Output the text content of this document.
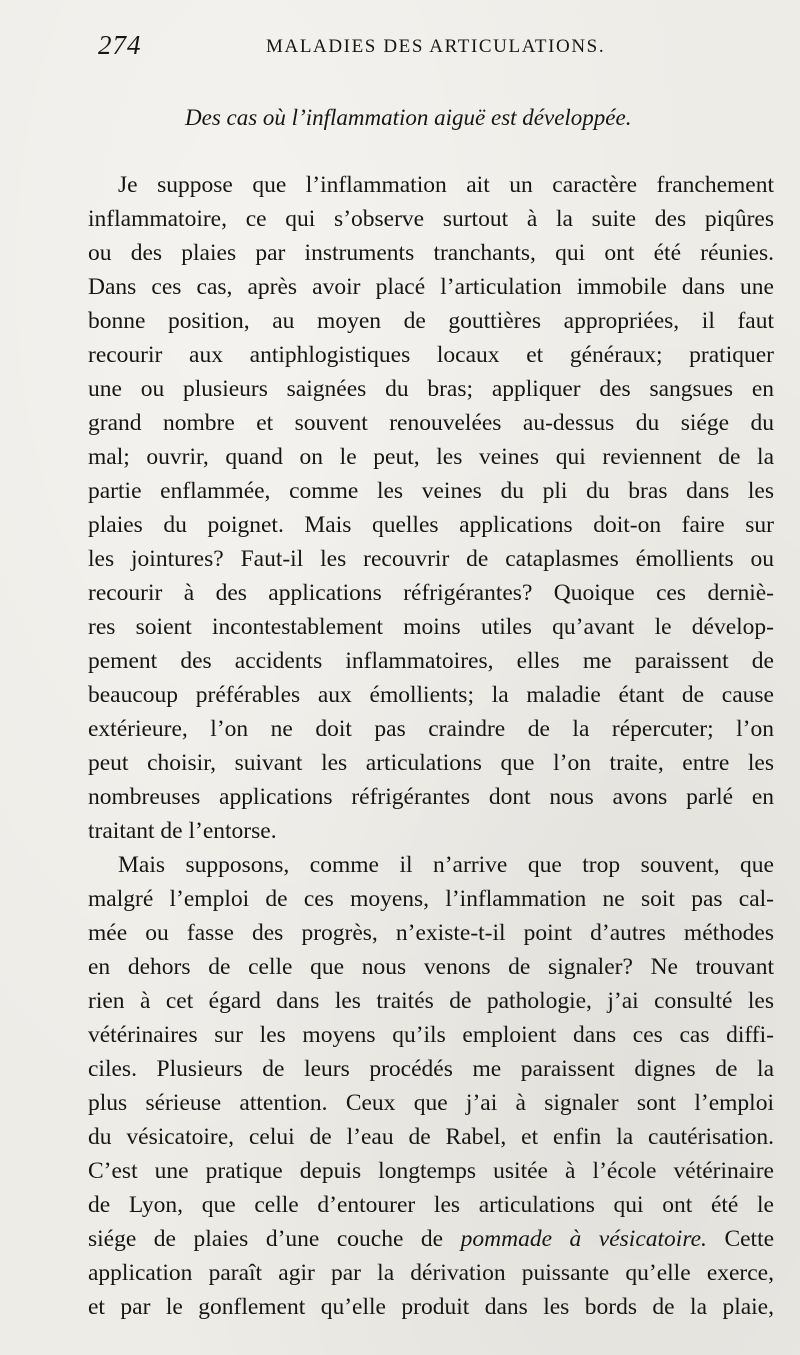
274	MALADIES DES ARTICULATIONS.
Des cas où l’inflammation aiguë est développée.
Je suppose que l’inflammation ait un caractère franchement
inflammatoire, ce qui s’observe surtout à la suite des piqûres
ou des plaies par instruments tranchants, qui ont été réunies.
Dans ces cas, après avoir placé l’articulation immobile dans une
bonne position, au moyen de gouttières appropriées, il faut
recourir aux antiphlogistiques locaux et généraux; pratiquer
une ou plusieurs saignées du bras; appliquer des sangsues en
grand nombre et souvent renouvelées au-dessus du siége du
mal; ouvrir, quand on le peut, les veines qui reviennent de la
partie enflammée, comme les veines du pli du bras dans les
plaies du poignet. Mais quelles applications doit-on faire sur
les jointures? Faut-il les recouvrir de cataplasmes émollients ou
recourir à des applications réfrigérantes? Quoique ces derniè-
res soient incontestablement moins utiles qu’avant le dévelop-
pement des accidents inflammatoires, elles me paraissent de
beaucoup préférables aux émollients; la maladie étant de cause
extérieure, l’on ne doit pas craindre de la répercuter; l’on
peut choisir, suivant les articulations que l’on traite, entre les
nombreuses applications réfrigérantes dont nous avons parlé en
traitant de l’entorse.
Mais supposons, comme il n’arrive que trop souvent, que
malgré l’emploi de ces moyens, l’inflammation ne soit pas cal-
mée ou fasse des progrès, n’existe-t-il point d’autres méthodes
en dehors de celle que nous venons de signaler? Ne trouvant
rien à cet égard dans les traités de pathologie, j’ai consulté les
vétérinaires sur les moyens qu’ils emploient dans ces cas diffi-
ciles. Plusieurs de leurs procédés me paraissent dignes de la
plus sérieuse attention. Ceux que j’ai à signaler sont l’emploi
du vésicatoire, celui de l’eau de Rabel, et enfin la cautérisation.
C’est une pratique depuis longtemps usitée à l’école vétérinaire
de Lyon, que celle d’entourer les articulations qui ont été le
siége de plaies d’une couche de pommade à vésicatoire. Cette
application paraît agir par la dérivation puissante qu’elle exerce,
et par le gonflement qu’elle produit dans les bords de la plaie,
